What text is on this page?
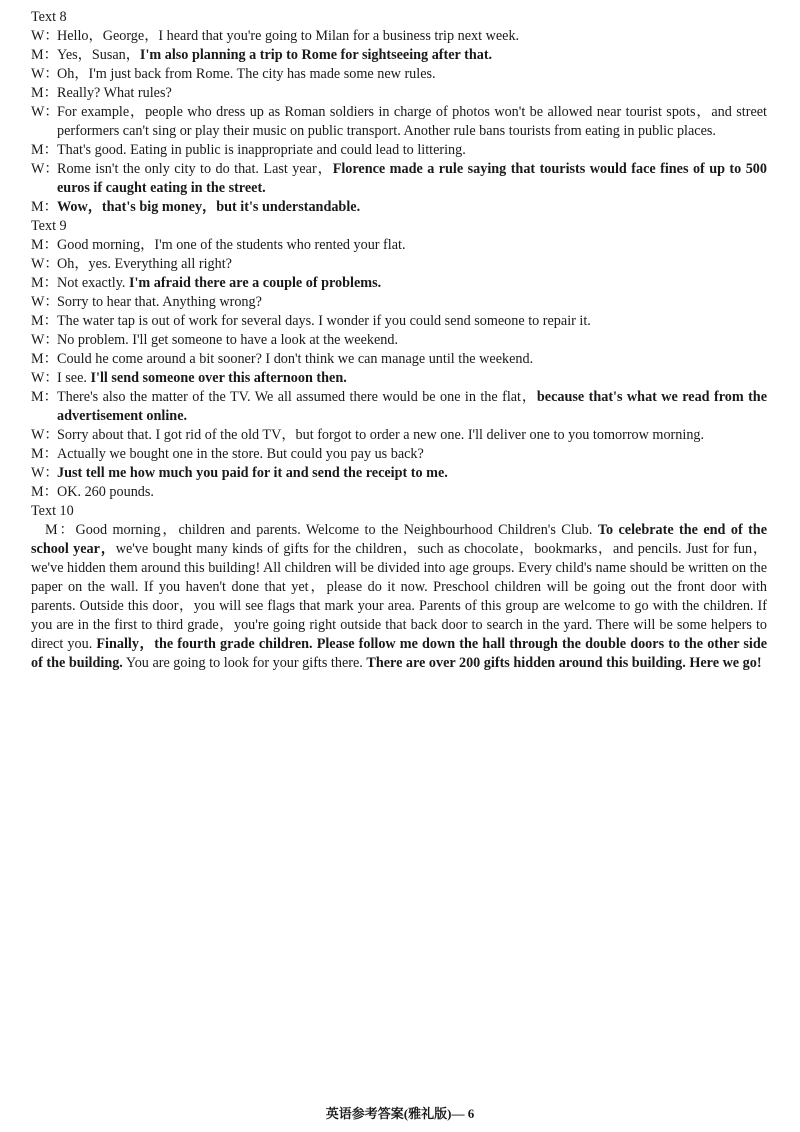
Text 8

W：Hello，George，I heard that you're going to Milan for a business trip next week.

M：Yes，Susan，I'm also planning a trip to Rome for sightseeing after that.

W：Oh，I'm just back from Rome. The city has made some new rules.

M：Really? What rules?

W：For example，people who dress up as Roman soldiers in charge of photos won't be allowed near tourist spots，and street performers can't sing or play their music on public transport. Another rule bans tourists from eating in public places.

M：That's good. Eating in public is inappropriate and could lead to littering.

W：Rome isn't the only city to do that. Last year，Florence made a rule saying that tourists would face fines of up to 500 euros if caught eating in the street.

M：Wow，that's big money，but it's understandable.

Text 9

M：Good morning，I'm one of the students who rented your flat.

W：Oh，yes. Everything all right?

M：Not exactly. I'm afraid there are a couple of problems.

W：Sorry to hear that. Anything wrong?

M：The water tap is out of work for several days. I wonder if you could send someone to repair it.

W：No problem. I'll get someone to have a look at the weekend.

M：Could he come around a bit sooner? I don't think we can manage until the weekend.

W：I see. I'll send someone over this afternoon then.

M：There's also the matter of the TV. We all assumed there would be one in the flat，because that's what we read from the advertisement online.

W：Sorry about that. I got rid of the old TV，but forgot to order a new one. I'll deliver one to you tomorrow morning.

M：Actually we bought one in the store. But could you pay us back?

W：Just tell me how much you paid for it and send the receipt to me.

M：OK. 260 pounds.

Text 10

M：Good morning，children and parents. Welcome to the Neighbourhood Children's Club. To celebrate the end of the school year，we've bought many kinds of gifts for the children，such as chocolate，bookmarks，and pencils. Just for fun，we've hidden them around this building! All children will be divided into age groups. Every child's name should be written on the paper on the wall. If you haven't done that yet，please do it now. Preschool children will be going out the front door with parents. Outside this door，you will see flags that mark your area. Parents of this group are welcome to go with the children. If you are in the first to third grade，you're going right outside that back door to search in the yard. There will be some helpers to direct you. Finally，the fourth grade children. Please follow me down the hall through the double doors to the other side of the building. You are going to look for your gifts there. There are over 200 gifts hidden around this building. Here we go!

英语参考答案(雅礼版)— 6
